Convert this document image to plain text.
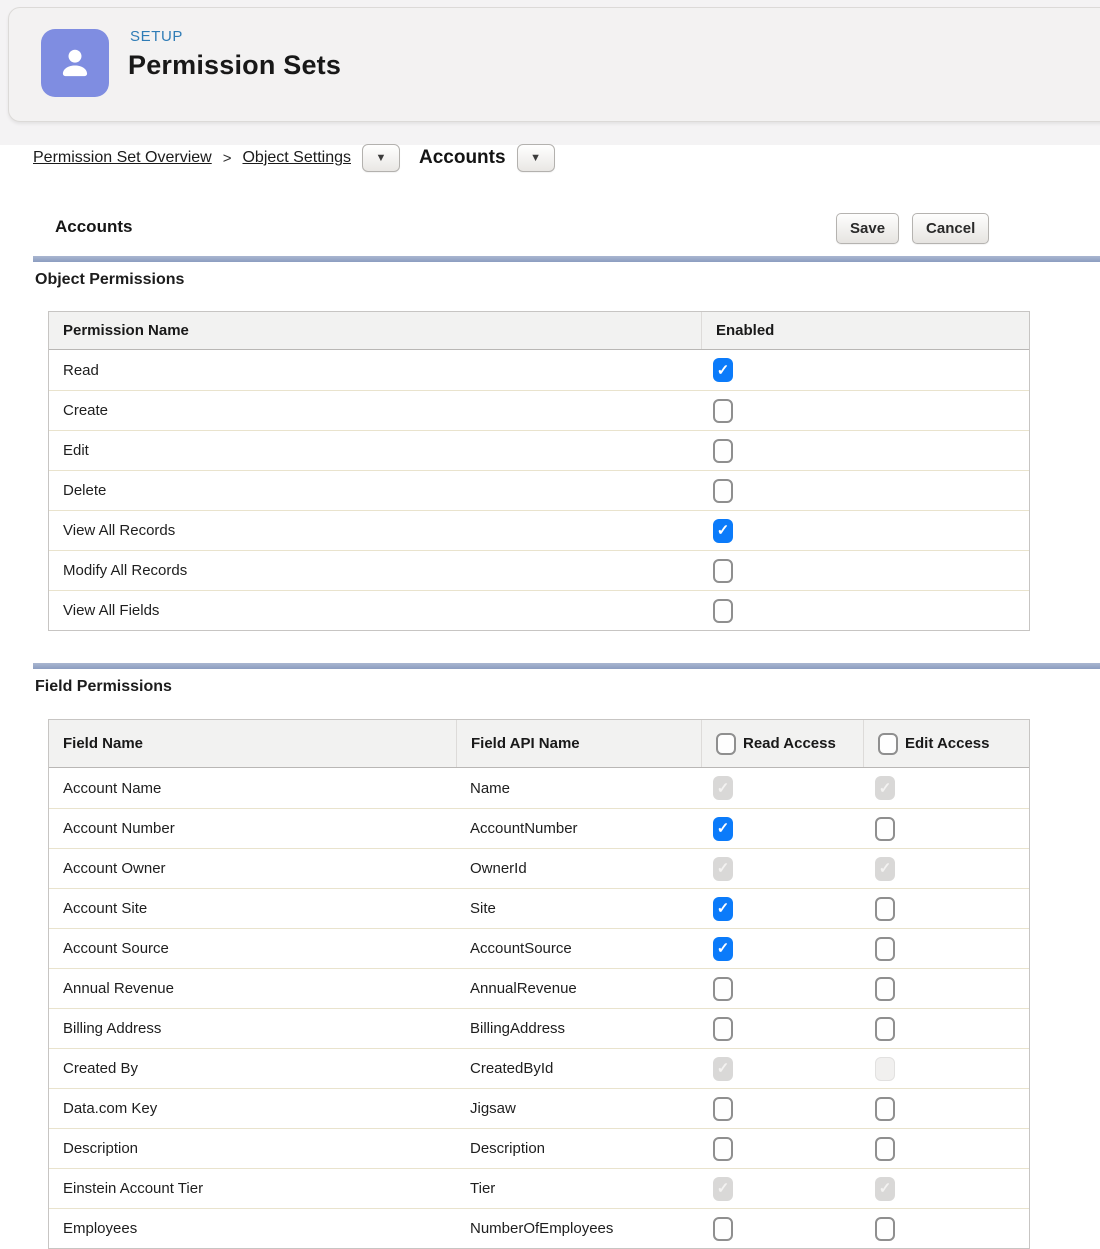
SETUP
Permission Sets
Permission Set Overview > Object Settings ▼ Accounts ▼
Accounts	Save	Cancel
Object Permissions
Permission Name	Enabled
Read	✓
Create
Edit
Delete
View All Records	✓
Modify All Records
View All Fields
Field Permissions
Field Name	Field API Name	Read Access	Edit Access
Account Name	Name	✓	✓
Account Number	AccountNumber	✓
Account Owner	OwnerId	✓	✓
Account Site	Site	✓
Account Source	AccountSource	✓
Annual Revenue	AnnualRevenue
Billing Address	BillingAddress
Created By	CreatedById	✓
Data.com Key	Jigsaw
Description	Description
Einstein Account Tier	Tier	✓	✓
Employees	NumberOfEmployees
